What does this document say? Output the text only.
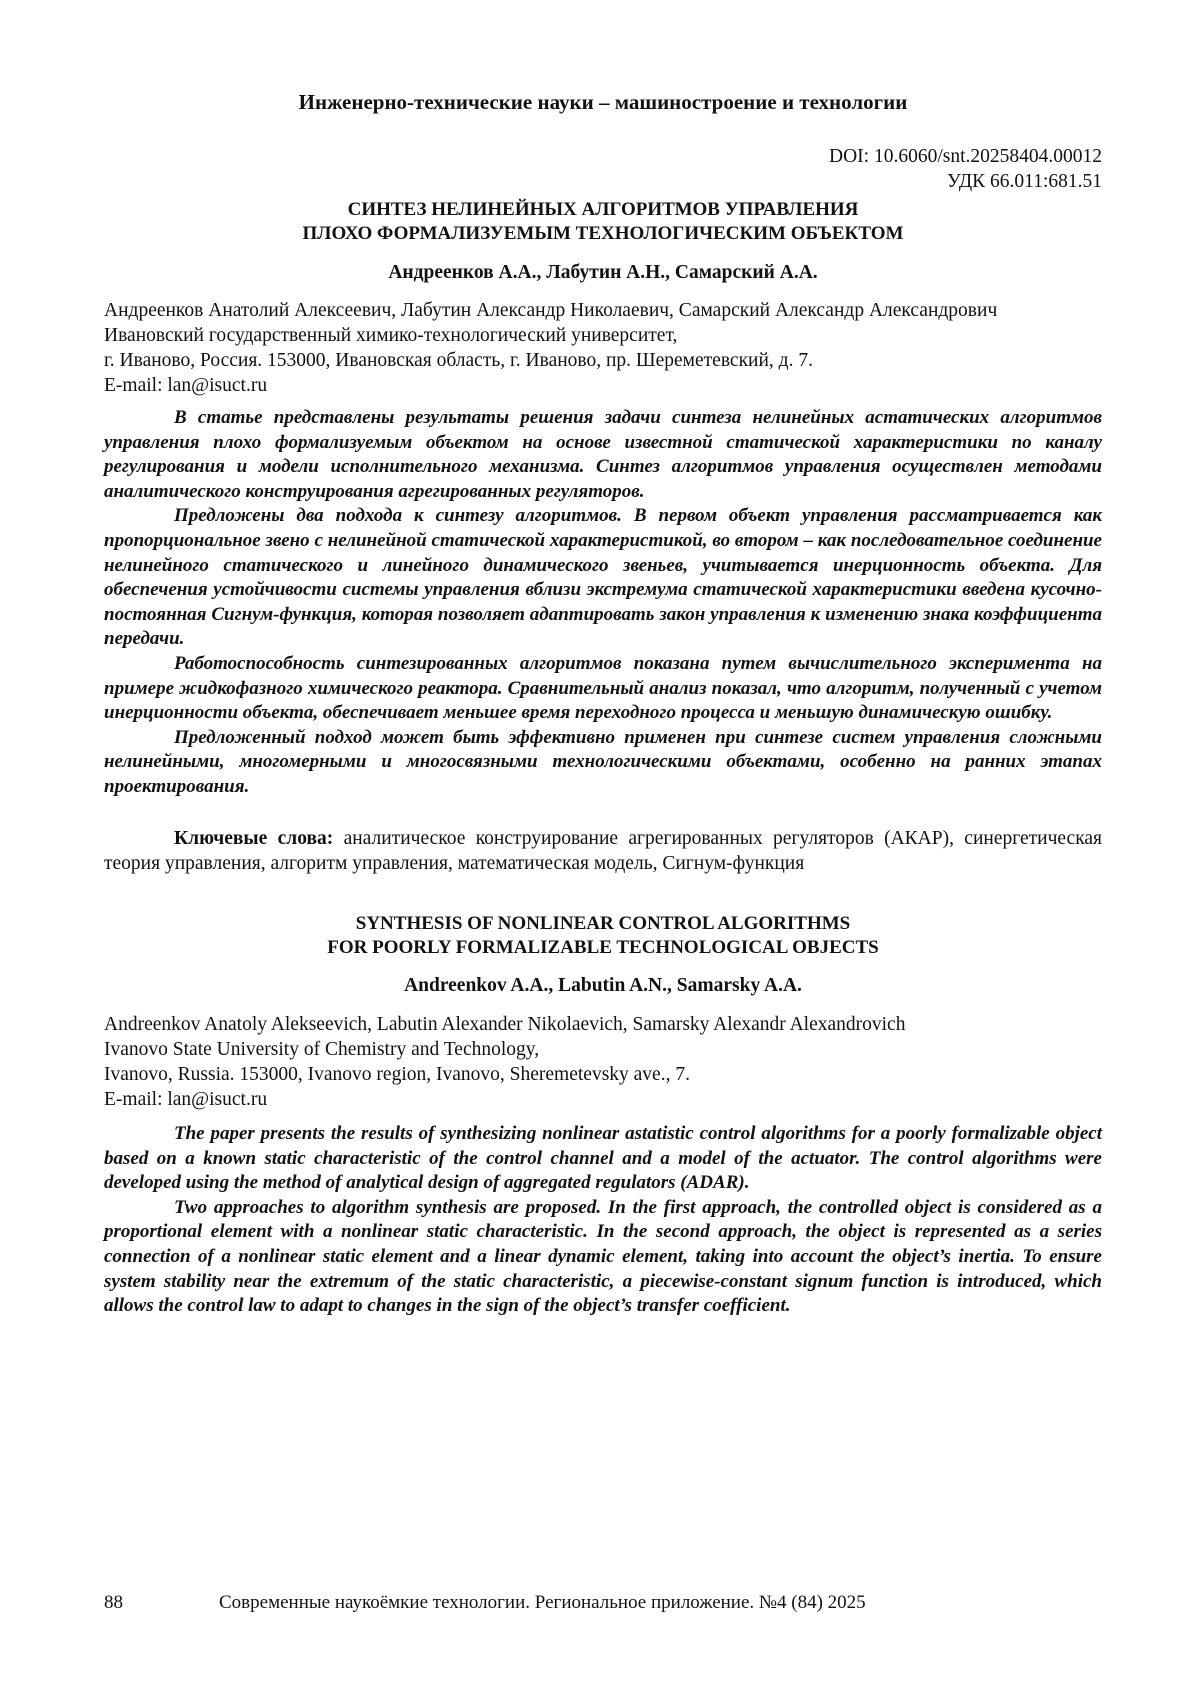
Инженерно-технические науки – машиностроение и технологии
DOI: 10.6060/snt.20258404.00012
УДК 66.011:681.51
СИНТЕЗ НЕЛИНЕЙНЫХ АЛГОРИТМОВ УПРАВЛЕНИЯ
ПЛОХО ФОРМАЛИЗУЕМЫМ ТЕХНОЛОГИЧЕСКИМ ОБЪЕКТОМ
Андреенков А.А., Лабутин А.Н., Самарский А.А.
Андреенков Анатолий Алексеевич, Лабутин Александр Николаевич, Самарский Александр Александрович
Ивановский государственный химико-технологический университет,
г. Иваново, Россия. 153000, Ивановская область, г. Иваново, пр. Шереметевский, д. 7.
E-mail: lan@isuct.ru

В статье представлены результаты решения задачи синтеза нелинейных астатических алгоритмов управления плохо формализуемым объектом на основе известной статической характеристики по каналу регулирования и модели исполнительного механизма. Синтез алгоритмов управления осуществлен методами аналитического конструирования агрегированных регуляторов.

Предложены два подхода к синтезу алгоритмов. В первом объект управления рассматривается как пропорциональное звено с нелинейной статической характеристикой, во втором – как последовательное соединение нелинейного статического и линейного динамического звеньев, учитывается инерционность объекта. Для обеспечения устойчивости системы управления вблизи экстремума статической характеристики введена кусочно-постоянная Сигнум-функция, которая позволяет адаптировать закон управления к изменению знака коэффициента передачи.

Работоспособность синтезированных алгоритмов показана путем вычислительного эксперимента на примере жидкофазного химического реактора. Сравнительный анализ показал, что алгоритм, полученный с учетом инерционности объекта, обеспечивает меньшее время переходного процесса и меньшую динамическую ошибку.

Предложенный подход может быть эффективно применен при синтезе систем управления сложными нелинейными, многомерными и многосвязными технологическими объектами, особенно на ранних этапах проектирования.

Ключевые слова: аналитическое конструирование агрегированных регуляторов (АКАР), синергетическая теория управления, алгоритм управления, математическая модель, Сигнум-функция
SYNTHESIS OF NONLINEAR CONTROL ALGORITHMS
FOR POORLY FORMALIZABLE TECHNOLOGICAL OBJECTS
Andreenkov A.A., Labutin A.N., Samarsky A.A.
Andreenkov Anatoly Alekseevich, Labutin Alexander Nikolaevich, Samarsky Alexandr Alexandrovich
Ivanovo State University of Chemistry and Technology,
Ivanovo, Russia. 153000, Ivanovo region, Ivanovo, Sheremetevsky ave., 7.
E-mail: lan@isuct.ru

The paper presents the results of synthesizing nonlinear astatistic control algorithms for a poorly formalizable object based on a known static characteristic of the control channel and a model of the actuator. The control algorithms were developed using the method of analytical design of aggregated regulators (ADAR).

Two approaches to algorithm synthesis are proposed. In the first approach, the controlled object is considered as a proportional element with a nonlinear static characteristic. In the second approach, the object is represented as a series connection of a nonlinear static element and a linear dynamic element, taking into account the object’s inertia. To ensure system stability near the extremum of the static characteristic, a piecewise-constant signum function is introduced, which allows the control law to adapt to changes in the sign of the object’s transfer coefficient.

88	Современные наукоёмкие технологии. Региональное приложение. №4 (84) 2025
